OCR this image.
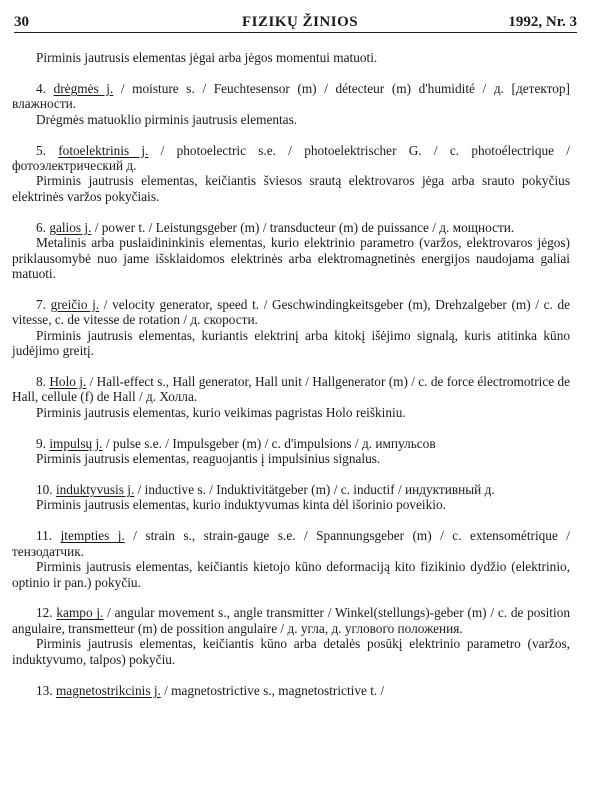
30	FIZIKŲ ŽINIOS	1992, Nr. 3

Pirminis jautrusis elementas jėgai arba jėgos momentui matuoti.

4. drėgmės j. / moisture s. / Feuchtesensor (m) / détecteur (m) d'humidité / д. [детектор] влажности.

Drėgmės matuoklio pirminis jautrusis elementas.

5. fotoelektrinis j. / photoelectric s.e. / photoelektrischer G. / c. photoélectrique / фотоэлектрический д.

Pirminis jautrusis elementas, keičiantis šviesos srautą elektrovaros jėga arba srauto pokyčius elektrinės varžos pokyčiais.

6. galios j. / power t. / Leistungsgeber (m) / transducteur (m) de puissance / д. мощности.

Metalinis arba puslaidininkinis elementas, kurio elektrinio parametro (varžos, elektrovaros jėgos) priklausomybė nuo jame išsklaidomos elektrinės arba elektromagnetinės energijos naudojama galiai matuoti.

7. greičio j. / velocity generator, speed t. / Geschwindingkeitsgeber (m), Drehzalgeber (m) / c. de vitesse, c. de vitesse de rotation / д. скорости.

Pirminis jautrusis elementas, kuriantis elektrinį arba kitokį išėjimo signalą, kuris atitinka kūno judėjimo greitį.

8. Holo j. / Hall-effect s., Hall generator, Hall unit / Hallgenerator (m) / c. de force électromotrice de Hall, cellule (f) de Hall / д. Холла.

Pirminis jautrusis elementas, kurio veikimas pagristas Holo reiškiniu.

9. impulsų j. / pulse s.e. / Impulsgeber (m) / c. d'impulsions / д. импульсов

Pirminis jautrusis elementas, reaguojantis į impulsinius signalus.

10. induktyvusis j. / inductive s. / Induktivitätgeber (m) / c. inductif / индуктивный д.

Pirminis jautrusis elementas, kurio induktyvumas kinta dėl išorinio poveikio.

11. įtempties j. / strain s., strain-gauge s.e. / Spannungsgeber (m) / c. extensométrique / тензодатчик.

Pirminis jautrusis elementas, keičiantis kietojo kūno deformaciją kito fizikinio dydžio (elektrinio, optinio ir pan.) pokyčiu.

12. kampo j. / angular movement s., angle transmitter / Winkel(stellungs)-geber (m) / c. de position angulaire, transmetteur (m) de possition angulaire / д. угла, д. углового положения.

Pirminis jautrusis elementas, keičiantis kūno arba detalės posūkį elektrinio parametro (varžos, induktyvumo, talpos) pokyčiu.

13. magnetostrikcinis j. / magnetostrictive s., magnetostrictive t. /
